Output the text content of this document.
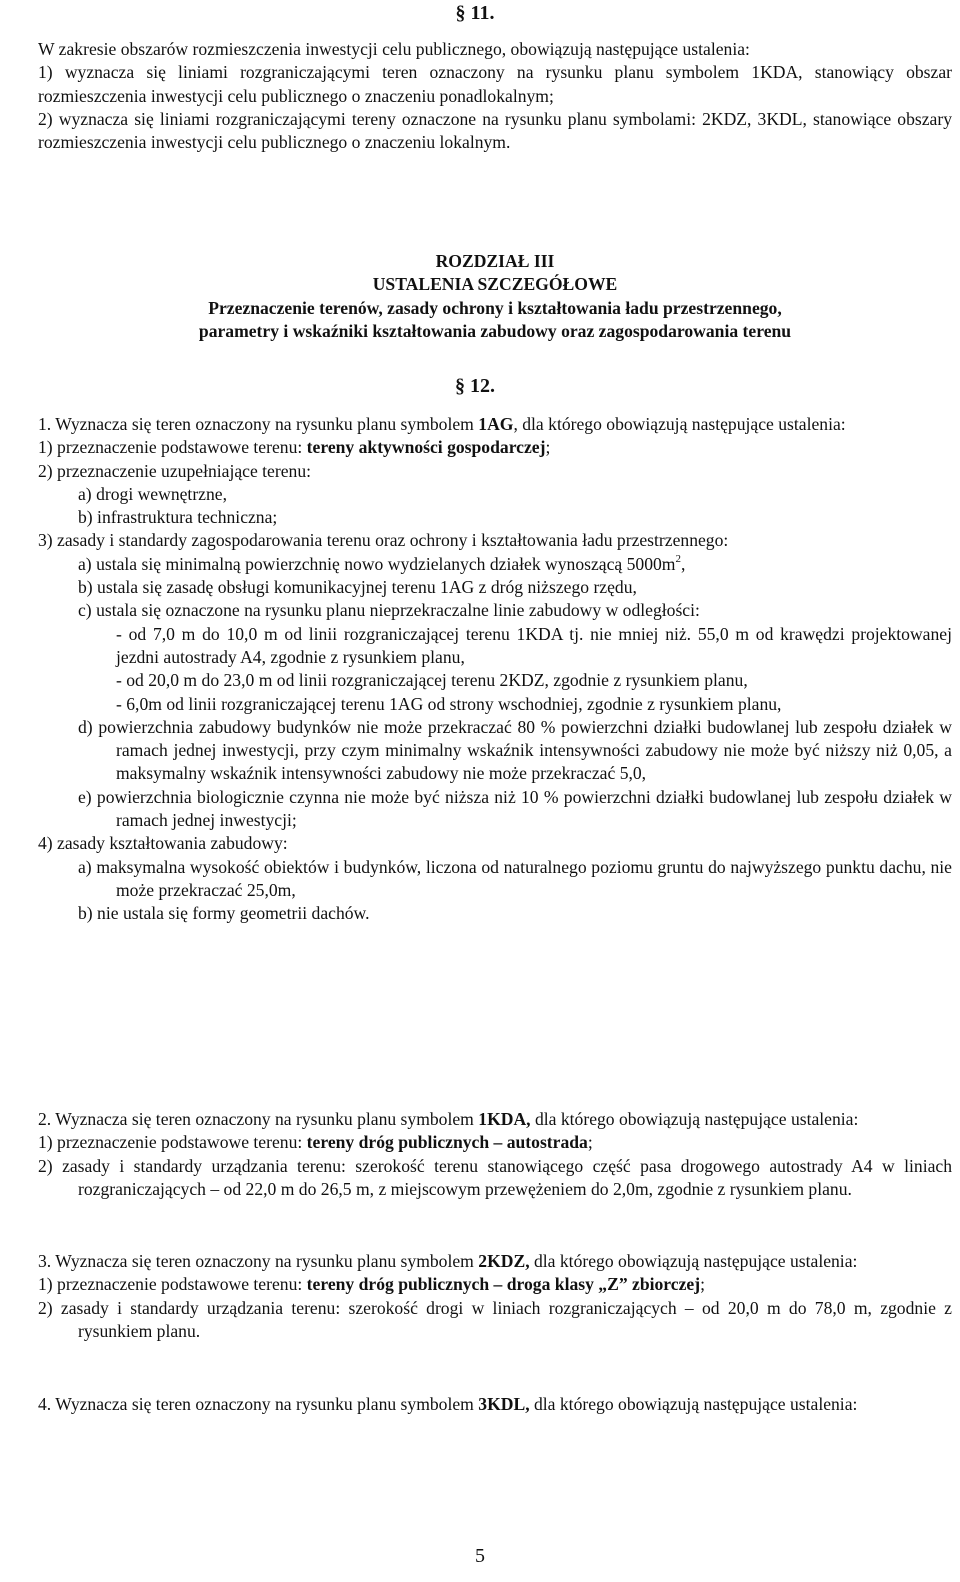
§ 11.
W zakresie obszarów rozmieszczenia inwestycji celu publicznego, obowiązują następujące ustalenia:
1) wyznacza się liniami rozgraniczającymi teren oznaczony na rysunku planu symbolem 1KDA, stanowiący obszar rozmieszczenia inwestycji celu publicznego o znaczeniu ponadlokalnym;
2) wyznacza się liniami rozgraniczającymi tereny oznaczone na rysunku planu symbolami: 2KDZ, 3KDL, stanowiące obszary rozmieszczenia inwestycji celu publicznego o znaczeniu lokalnym.
ROZDZIAŁ III
USTALENIA SZCZEGÓŁOWE
Przeznaczenie terenów, zasady ochrony i kształtowania ładu przestrzennego,
parametry i wskaźniki kształtowania zabudowy oraz zagospodarowania terenu
§ 12.
1. Wyznacza się teren oznaczony na rysunku planu symbolem 1AG, dla którego obowiązują następujące ustalenia:
1) przeznaczenie podstawowe terenu: tereny aktywności gospodarczej;
2) przeznaczenie uzupełniające terenu:
a) drogi wewnętrzne,
b) infrastruktura techniczna;
3) zasady i standardy zagospodarowania terenu oraz ochrony i kształtowania ładu przestrzennego:
a) ustala się minimalną powierzchnię nowo wydzielanych działek wynoszącą $5000m^2$,
b) ustala się zasadę obsługi komunikacyjnej terenu 1AG z dróg niższego rzędu,
c) ustala się oznaczone na rysunku planu nieprzekraczalne linie zabudowy w odległości:
- od 7,0 m do 10,0 m od linii rozgraniczającej terenu 1KDA tj. nie mniej niż. 55,0 m od krawędzi projektowanej jezdni autostrady A4, zgodnie z rysunkiem planu,
- od 20,0 m do 23,0 m od linii rozgraniczającej terenu 2KDZ, zgodnie z rysunkiem planu,
- 6,0m od linii rozgraniczającej terenu 1AG od strony wschodniej, zgodnie z rysunkiem planu,
d) powierzchnia zabudowy budynków nie może przekraczać 80 % powierzchni działki budowlanej lub zespołu działek w ramach jednej inwestycji, przy czym minimalny wskaźnik intensywności zabudowy nie może być niższy niż 0,05, a maksymalny wskaźnik intensywności zabudowy nie może przekraczać 5,0,
e) powierzchnia biologicznie czynna nie może być niższa niż 10 % powierzchni działki budowlanej lub zespołu działek w ramach jednej inwestycji;
4) zasady kształtowania zabudowy:
a) maksymalna wysokość obiektów i budynków, liczona od naturalnego poziomu gruntu do najwyższego punktu dachu, nie może przekraczać 25,0m,
b) nie ustala się formy geometrii dachów.
2. Wyznacza się teren oznaczony na rysunku planu symbolem 1KDA, dla którego obowiązują następujące ustalenia:
1) przeznaczenie podstawowe terenu: tereny dróg publicznych – autostrada;
2) zasady i standardy urządzania terenu: szerokość terenu stanowiącego część pasa drogowego autostrady A4 w liniach rozgraniczających – od 22,0 m do 26,5 m, z miejscowym przewężeniem do 2,0m, zgodnie z rysunkiem planu.
3. Wyznacza się teren oznaczony na rysunku planu symbolem 2KDZ, dla którego obowiązują następujące ustalenia:
1) przeznaczenie podstawowe terenu: tereny dróg publicznych – droga klasy „Z” zbiorczej;
2) zasady i standardy urządzania terenu: szerokość drogi w liniach rozgraniczających – od 20,0 m do 78,0 m, zgodnie z rysunkiem planu.
4. Wyznacza się teren oznaczony na rysunku planu symbolem 3KDL, dla którego obowiązują następujące ustalenia:
5
